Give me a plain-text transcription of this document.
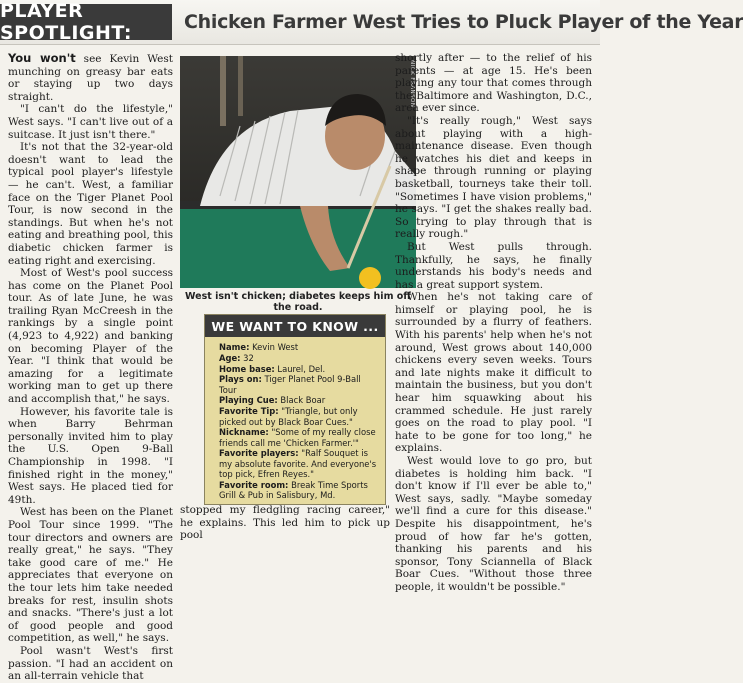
PLAYER SPOTLIGHT:	Chicken Farmer West Tries to Pluck Player of the Year

You won't see Kevin West munching on greasy bar eats or staying up two days straight.

"I can't do the lifestyle," West says. "I can't live out of a suitcase. It just isn't there."

It's not that the 32-year-old doesn't want to lead the typical pool player's lifestyle — he can't. West, a familiar face on the Tiger Planet Pool Tour, is now second in the standings. But when he's not eating and breathing pool, this diabetic chicken farmer is eating right and exercising.

Most of West's pool success has come on the Planet Pool tour. As of late June, he was trailing Ryan McCreesh in the rankings by a single point (4,923 to 4,922) and banking on becoming Player of the Year. "I think that would be amazing for a legitimate working man to get up there and accomplish that," he says.

However, his favorite tale is when Barry Behrman personally invited him to play the U.S. Open 9-Ball Championship in 1998. "I finished right in the money," West says. He placed tied for 49th.

West has been on the Planet Pool Tour since 1999. "The tour directors and owners are really great," he says. "They take good care of me." He appreciates that everyone on the tour lets him take needed breaks for rest, insulin shots and snacks. "There's just a lot of good people and good competition, as well," he says.

Pool wasn't West's first passion. "I had an accident on an all-terrain vehicle that

NICK FRANSON
West isn't chicken; diabetes keeps him off the road.
WE WANT TO KNOW ...
Name: Kevin West
Age: 32
Home base: Laurel, Del.
Plays on: Tiger Planet Pool 9-Ball Tour
Playing Cue: Black Boar
Favorite Tip: "Triangle, but only picked out by Black Boar Cues."
Nickname: "Some of my really close friends call me 'Chicken Farmer.'"
Favorite players: "Ralf Souquet is my absolute favorite. And everyone's top pick, Efren Reyes."
Favorite room: Break Time Sports Grill & Pub in Salisbury, Md.

stopped my fledgling racing career," he explains. This led him to pick up pool

shortly after — to the relief of his parents — at age 15. He's been playing any tour that comes through the Baltimore and Washington, D.C., area ever since.

"It's really rough," West says about playing with a high-maintenance disease. Even though he watches his diet and keeps in shape through running or playing basketball, tourneys take their toll. "Sometimes I have vision problems," he says. "I get the shakes really bad. So trying to play through that is really rough."

But West pulls through. Thankfully, he says, he finally understands his body's needs and has a great support system.

When he's not taking care of himself or playing pool, he is surrounded by a flurry of feathers. With his parents' help when he's not around, West grows about 140,000 chickens every seven weeks. Tours and late nights make it difficult to maintain the business, but you don't hear him squawking about his crammed schedule. He just rarely goes on the road to play pool. "I hate to be gone for too long," he explains.

West would love to go pro, but diabetes is holding him back. "I don't know if I'll ever be able to," West says, sadly. "Maybe someday we'll find a cure for this disease." Despite his disappointment, he's proud of how far he's gotten, thanking his parents and his sponsor, Tony Sciannella of Black Boar Cues. "Without those three people, it wouldn't be possible."
